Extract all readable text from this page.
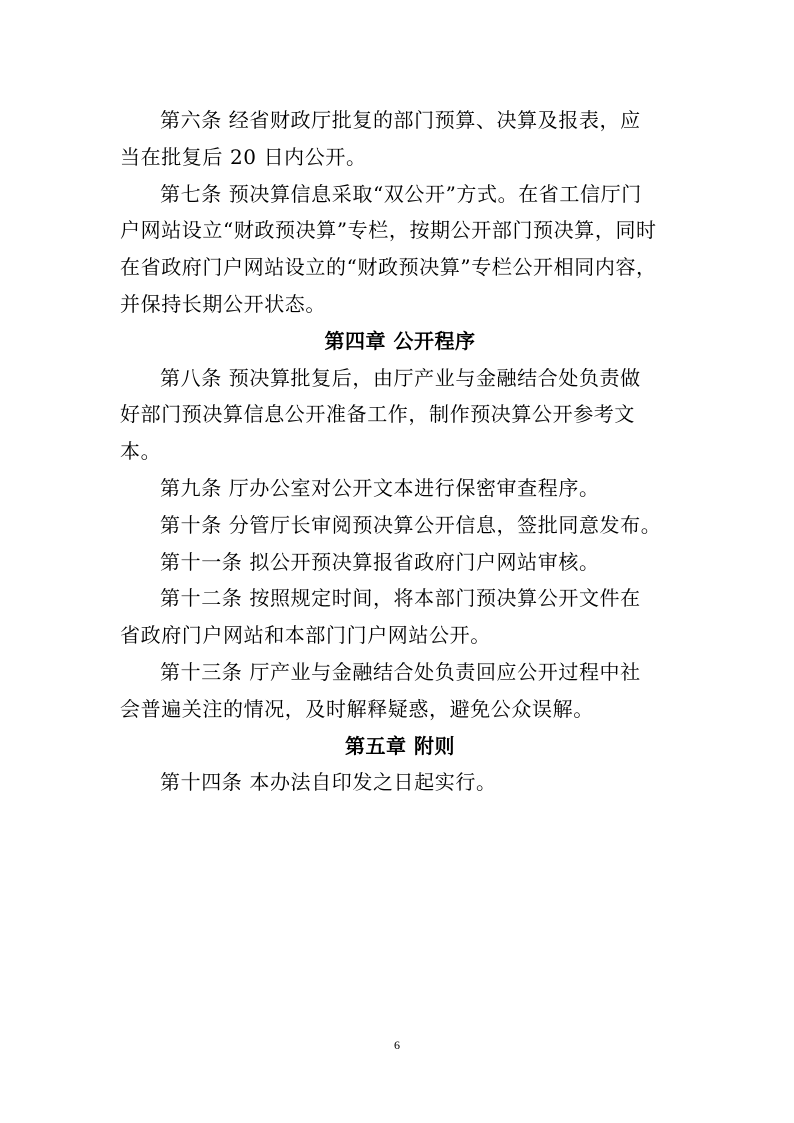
第六条 经省财政厅批复的部门预算、决算及报表，应
当在批复后 20 日内公开。
第七条 预决算信息采取“双公开”方式。在省工信厅门
户网站设立“财政预决算”专栏，按期公开部门预决算，同时
在省政府门户网站设立的“财政预决算”专栏公开相同内容，
并保持长期公开状态。
第四章 公开程序
第八条 预决算批复后，由厅产业与金融结合处负责做
好部门预决算信息公开准备工作，制作预决算公开参考文
本。
第九条 厅办公室对公开文本进行保密审查程序。
第十条 分管厅长审阅预决算公开信息，签批同意发布。
第十一条 拟公开预决算报省政府门户网站审核。
第十二条 按照规定时间，将本部门预决算公开文件在
省政府门户网站和本部门门户网站公开。
第十三条 厅产业与金融结合处负责回应公开过程中社
会普遍关注的情况，及时解释疑惑，避免公众误解。
第五章 附则
第十四条 本办法自印发之日起实行。
6
